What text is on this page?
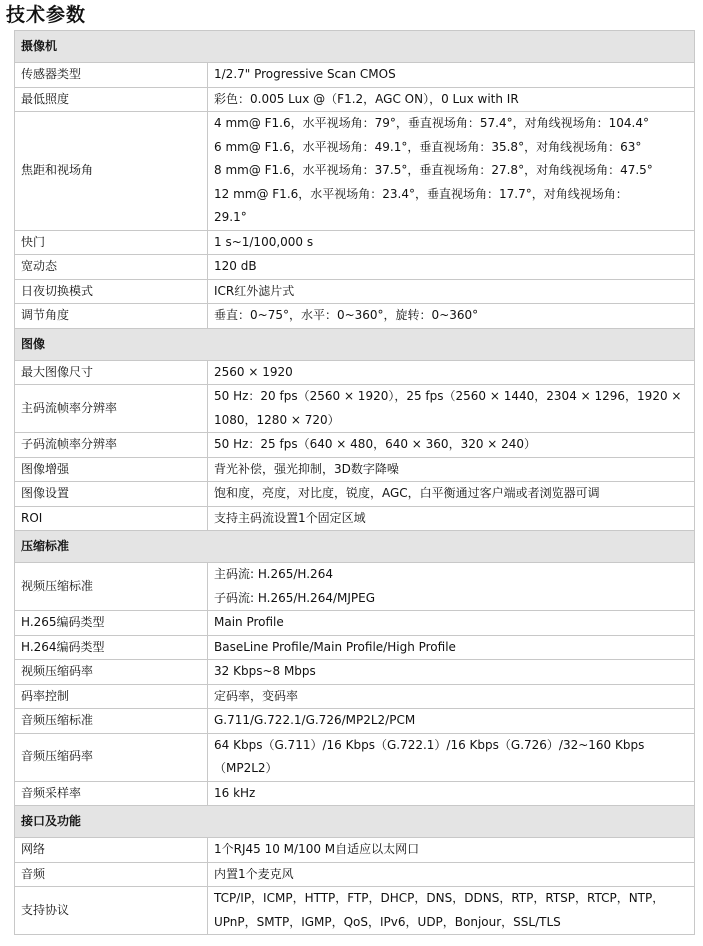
技术参数
摄像机	
传感器类型	1/2.7" Progressive Scan CMOS

最低照度	彩色：0.005 Lux @（F1.2，AGC ON），0 Lux with IR

焦距和视场角	4 mm@ F1.6，水平视场角：79°，垂直视场角：57.4°，对角线视场角：104.4°
6 mm@ F1.6，水平视场角：49.1°，垂直视场角：35.8°，对角线视场角：63°
8 mm@ F1.6，水平视场角：37.5°，垂直视场角：27.8°，对角线视场角：47.5°
12 mm@ F1.6，水平视场角：23.4°，垂直视场角：17.7°，对角线视场角：
29.1°

快门	1 s~1/100,000 s

宽动态	120 dB

日夜切换模式	ICR红外滤片式

调节角度	垂直：0~75°，水平：0~360°，旋转：0~360°

图像	
最大图像尺寸	2560 × 1920

主码流帧率分辨率	50 Hz：20 fps（2560 × 1920），25 fps（2560 × 1440，2304 × 1296，1920 ×
1080，1280 × 720）

子码流帧率分辨率	50 Hz：25 fps（640 × 480，640 × 360，320 × 240）

图像增强	背光补偿，强光抑制，3D数字降噪

图像设置	饱和度，亮度，对比度，锐度，AGC，白平衡通过客户端或者浏览器可调

ROI	支持主码流设置1个固定区域

压缩标准	
视频压缩标准	主码流: H.265/H.264
子码流: H.265/H.264/MJPEG

H.265编码类型	Main Profile

H.264编码类型	BaseLine Profile/Main Profile/High Profile

视频压缩码率	32 Kbps~8 Mbps

码率控制	定码率，变码率

音频压缩标准	G.711/G.722.1/G.726/MP2L2/PCM

音频压缩码率	64 Kbps（G.711）/16 Kbps（G.722.1）/16 Kbps（G.726）/32~160 Kbps
（MP2L2）

音频采样率	16 kHz

接口及功能	
网络	1个RJ45 10 M/100 M自适应以太网口

音频	内置1个麦克风

支持协议	TCP/IP，ICMP，HTTP，FTP，DHCP，DNS，DDNS，RTP，RTSP，RTCP，NTP，
UPnP，SMTP，IGMP，QoS，IPv6，UDP，Bonjour，SSL/TLS
